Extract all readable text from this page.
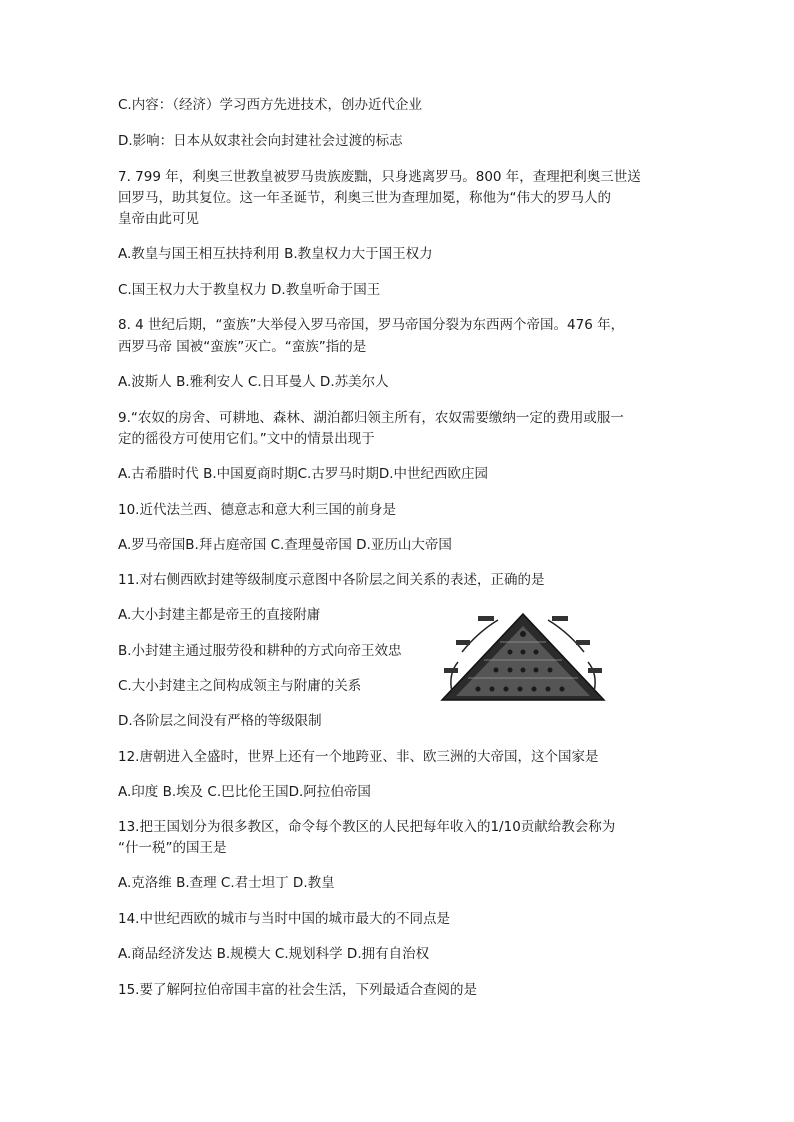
C.内容：（经济）学习西方先进技术，创办近代企业
D.影响：日本从奴隶社会向封建社会过渡的标志
7. 799 年，利奥三世教皇被罗马贵族废黜，只身逃离罗马。800 年，查理把利奥三世送
回罗马，助其复位。这一年圣诞节，利奥三世为查理加冕，称他为“伟大的罗马人的
皇帝由此可见
A.教皇与国王相互扶持利用 B.教皇权力大于国王权力
C.国王权力大于教皇权力 D.教皇听命于国王
8. 4 世纪后期，“蛮族”大举侵入罗马帝国，罗马帝国分裂为东西两个帝国。476 年，
西罗马帝 国被“蛮族”灭亡。“蛮族”指的是
A.波斯人 B.雅利安人 C.日耳曼人 D.苏美尔人
9.“农奴的房舍、可耕地、森林、湖泊都归领主所有，农奴需要缴纳一定的费用或服一
定的徭役方可使用它们。”文中的情景出现于
A.古希腊时代 B.中国夏商时期C.古罗马时期D.中世纪西欧庄园
10.近代法兰西、德意志和意大利三国的前身是
A.罗马帝国B.拜占庭帝国 C.查理曼帝国 D.亚历山大帝国
11.对右侧西欧封建等级制度示意图中各阶层之间关系的表述，正确的是
A.大小封建主都是帝王的直接附庸
B.小封建主通过服劳役和耕种的方式向帝王效忠
C.大小封建主之间构成领主与附庸的关系
D.各阶层之间没有严格的等级限制
12.唐朝进入全盛时，世界上还有一个地跨亚、非、欧三洲的大帝国，这个国家是
A.印度 B.埃及 C.巴比伦王国D.阿拉伯帝国
13.把王国划分为很多教区，命令每个教区的人民把每年收入的1/10贡献给教会称为
“什一税”的国王是
A.克洛维 B.查理 C.君士坦丁 D.教皇
14.中世纪西欧的城市与当时中国的城市最大的不同点是
A.商品经济发达 B.规模大 C.规划科学 D.拥有自治权
15.要了解阿拉伯帝国丰富的社会生活，下列最适合查阅的是
